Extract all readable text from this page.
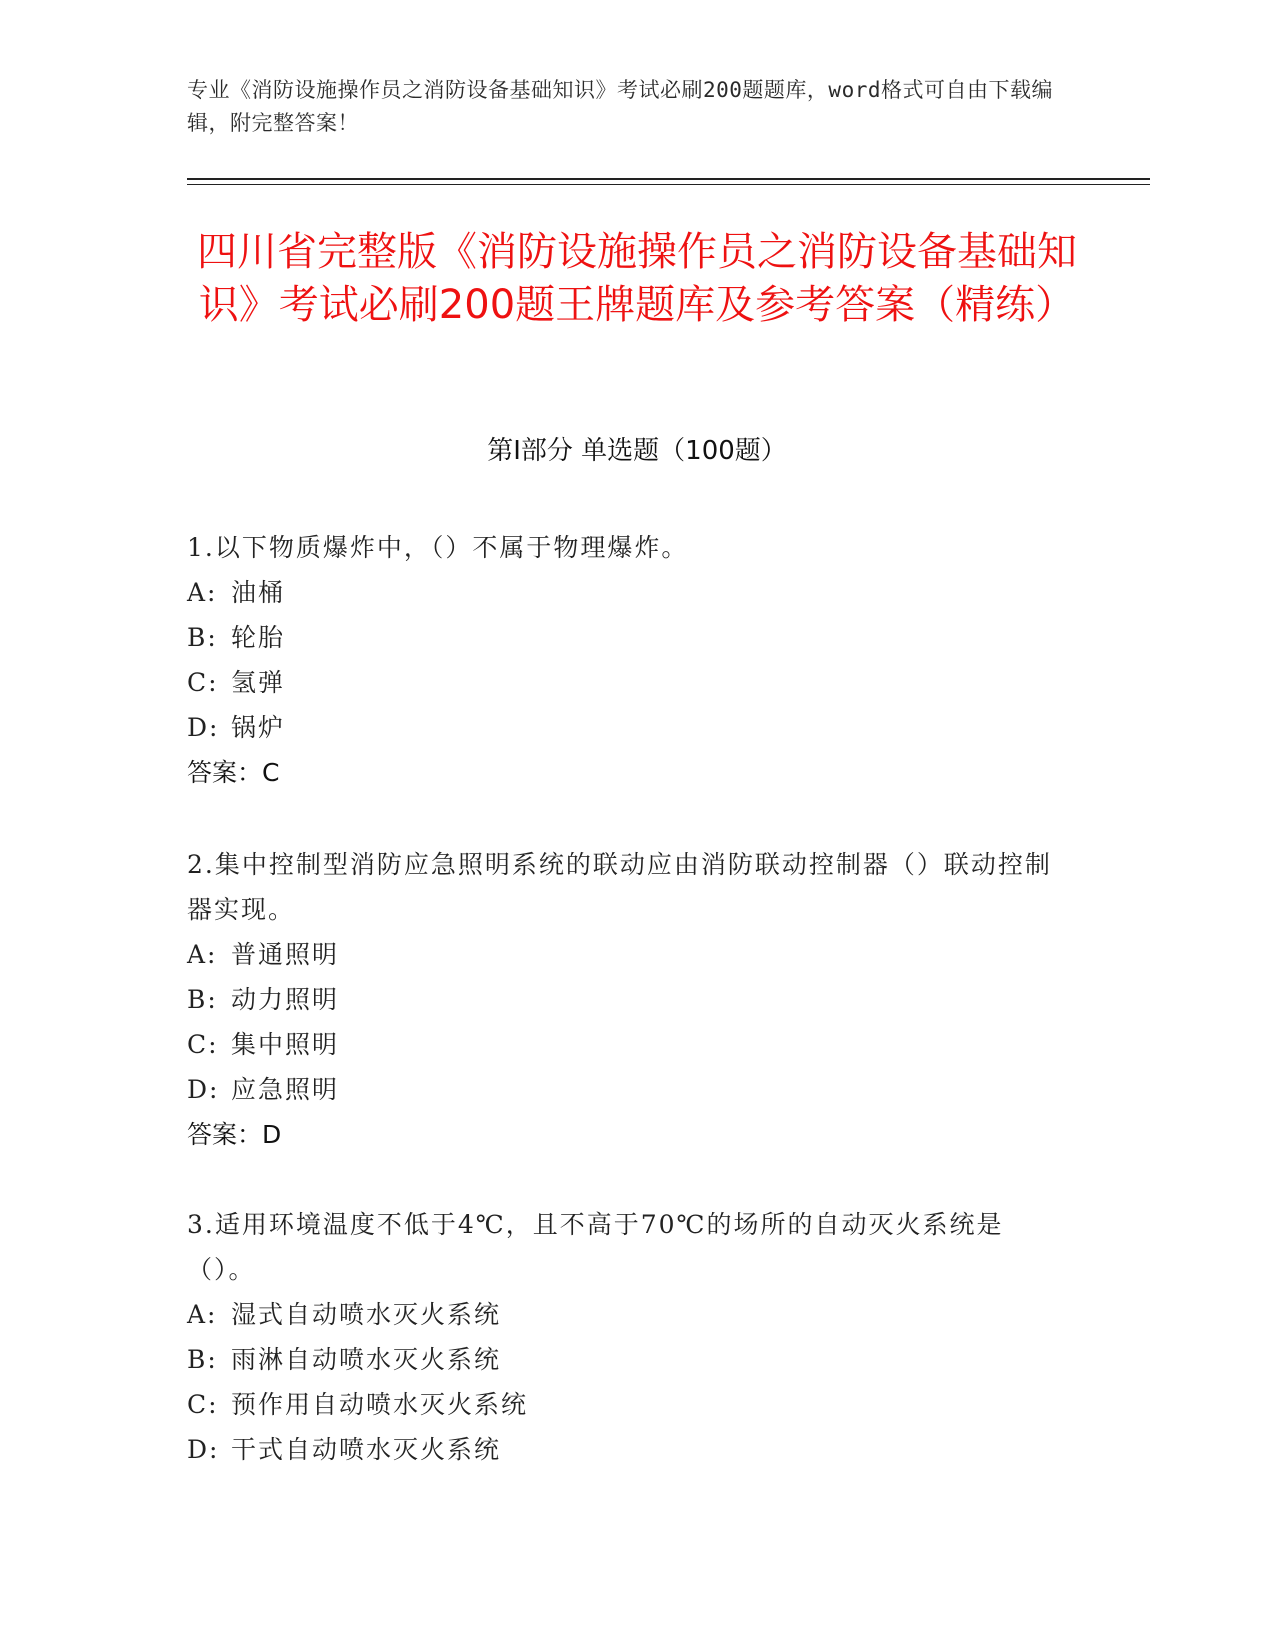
专业《消防设施操作员之消防设备基础知识》考试必刷200题题库，word格式可自由下载编辑，附完整答案！
四川省完整版《消防设施操作员之消防设备基础知识》考试必刷200题王牌题库及参考答案（精练）
第Ⅰ部分 单选题（100题）
1.以下物质爆炸中，（）不属于物理爆炸。
A: 油桶
B: 轮胎
C: 氢弹
D: 锅炉
答案：C
2.集中控制型消防应急照明系统的联动应由消防联动控制器（）联动控制器实现。
A: 普通照明
B: 动力照明
C: 集中照明
D: 应急照明
答案：D
3.适用环境温度不低于4℃，且不高于70℃的场所的自动灭火系统是（）。
A: 湿式自动喷水灭火系统
B: 雨淋自动喷水灭火系统
C: 预作用自动喷水灭火系统
D: 干式自动喷水灭火系统
